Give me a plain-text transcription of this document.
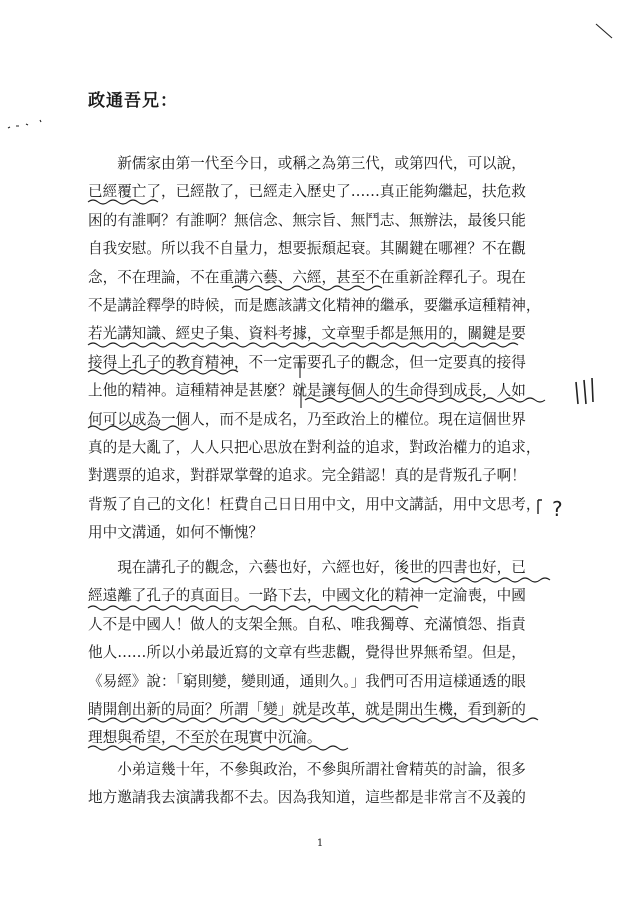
政通吾兄：
　　新儒家由第一代至今日，或稱之為第三代，或第四代，可以說，
已經覆亡了，已經散了，已經走入歷史了……真正能夠繼起，扶危救
困的有誰啊？有誰啊？無信念、無宗旨、無鬥志、無辦法，最後只能
自我安慰。所以我不自量力，想要振頹起衰。其關鍵在哪裡？不在觀
念，不在理論，不在重講六藝、六經，甚至不在重新詮釋孔子。現在
不是講詮釋學的時候，而是應該講文化精神的繼承，要繼承這種精神，
若光講知識、經史子集、資料考據，文章聖手都是無用的，關鍵是要
接得上孔子的教育精神，不一定需要孔子的觀念，但一定要真的接得
上他的精神。這種精神是甚麼？就是讓每個人的生命得到成長，人如
何可以成為一個人，而不是成名，乃至政治上的權位。現在這個世界
真的是大亂了，人人只把心思放在對利益的追求，對政治權力的追求，
對選票的追求，對群眾掌聲的追求。完全錯認！真的是背叛孔子啊！
背叛了自己的文化！枉費自己日日用中文，用中文講話，用中文思考，
用中文溝通，如何不慚愧？
　　現在講孔子的觀念，六藝也好，六經也好，後世的四書也好，已
經遠離了孔子的真面目。一路下去，中國文化的精神一定淪喪，中國
人不是中國人！做人的支架全無。自私、唯我獨尊、充滿憤怨、指責
他人……所以小弟最近寫的文章有些悲觀，覺得世界無希望。但是，
《易經》說：「窮則變，變則通，通則久。」我們可否用這樣通透的眼
睛開創出新的局面？所謂「變」就是改革，就是開出生機，看到新的
理想與希望，不至於在現實中沉淪。
　　小弟這幾十年，不參與政治，不參與所謂社會精英的討論，很多
地方邀請我去演講我都不去。因為我知道，這些都是非常言不及義的
?
1
